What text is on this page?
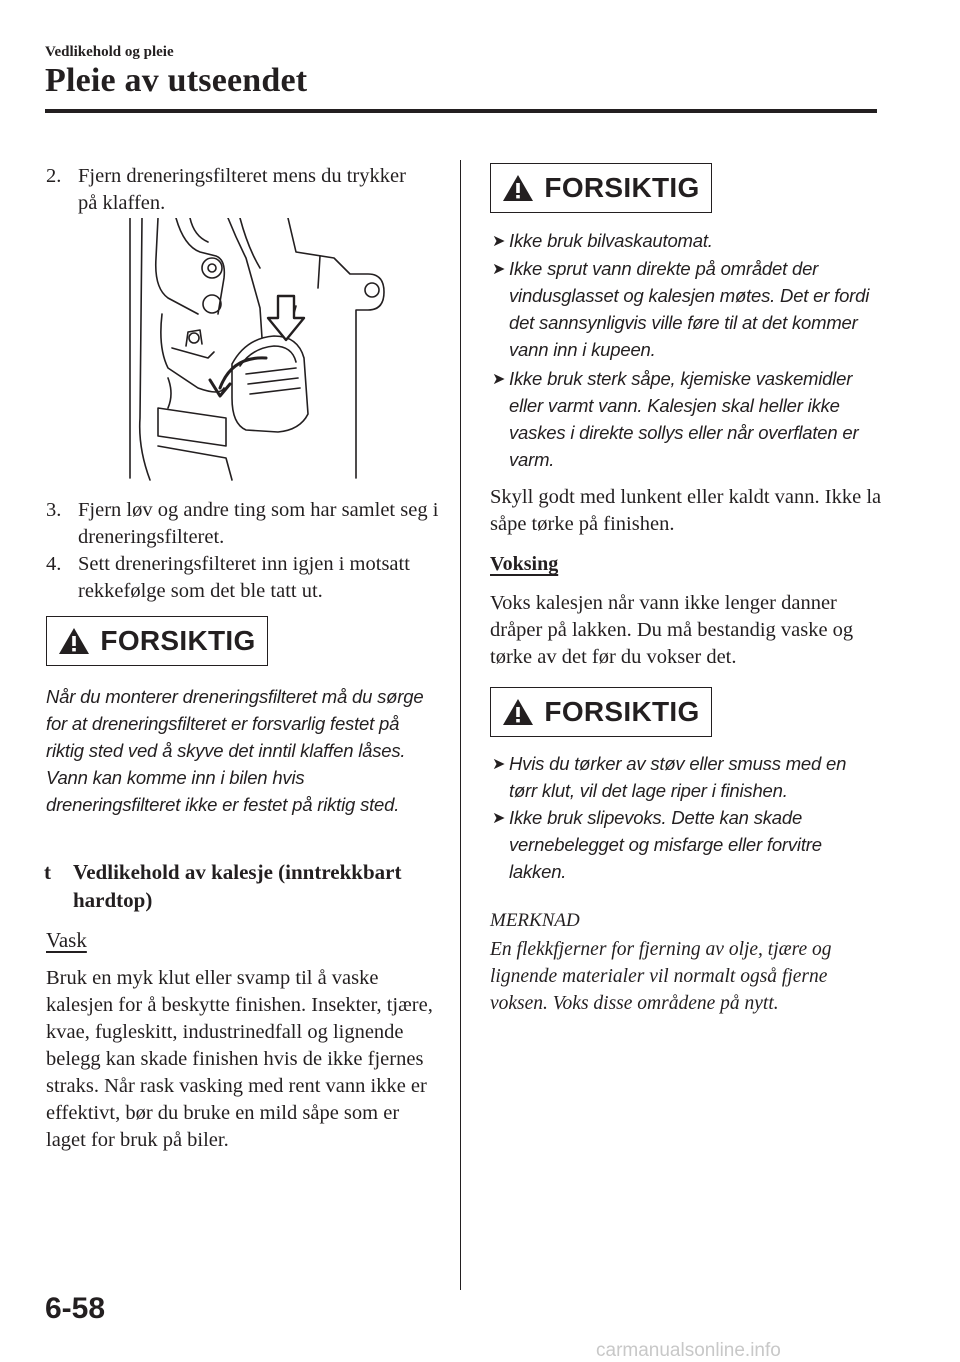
Vedlikehold og pleie
Pleie av utseendet
2. Fjern dreneringsfilteret mens du trykker på klaffen.
3. Fjern løv og andre ting som har samlet seg i dreneringsfilteret.
4. Sett dreneringsfilteret inn igjen i motsatt rekkefølge som det ble tatt ut.
FORSIKTIG
Når du monterer dreneringsfilteret må du sørge for at dreneringsfilteret er forsvarlig festet på riktig sted ved å skyve det inntil klaffen låses. Vann kan komme inn i bilen hvis dreneringsfilteret ikke er festet på riktig sted.
t Vedlikehold av kalesje (inntrekkbart hardtop)
Vask
Bruk en myk klut eller svamp til å vaske kalesjen for å beskytte finishen. Insekter, tjære, kvae, fugleskitt, industrinedfall og lignende belegg kan skade finishen hvis de ikke fjernes straks. Når rask vasking med rent vann ikke er effektivt, bør du bruke en mild såpe som er laget for bruk på biler.
FORSIKTIG
➤ Ikke bruk bilvaskautomat.
➤ Ikke sprut vann direkte på området der vindusglasset og kalesjen møtes. Det er fordi det sannsynligvis ville føre til at det kommer vann inn i kupeen.
➤ Ikke bruk sterk såpe, kjemiske vaskemidler eller varmt vann. Kalesjen skal heller ikke vaskes i direkte sollys eller når overflaten er varm.
Skyll godt med lunkent eller kaldt vann. Ikke la såpe tørke på finishen.
Voksing
Voks kalesjen når vann ikke lenger danner dråper på lakken. Du må bestandig vaske og tørke av det før du vokser det.
FORSIKTIG
➤ Hvis du tørker av støv eller smuss med en tørr klut, vil det lage riper i finishen.
➤ Ikke bruk slipevoks. Dette kan skade vernebelegget og misfarge eller forvitre lakken.
MERKNAD
En flekkfjerner for fjerning av olje, tjære og lignende materialer vil normalt også fjerne voksen. Voks disse områdene på nytt.
6-58
carmanualsonline.info
